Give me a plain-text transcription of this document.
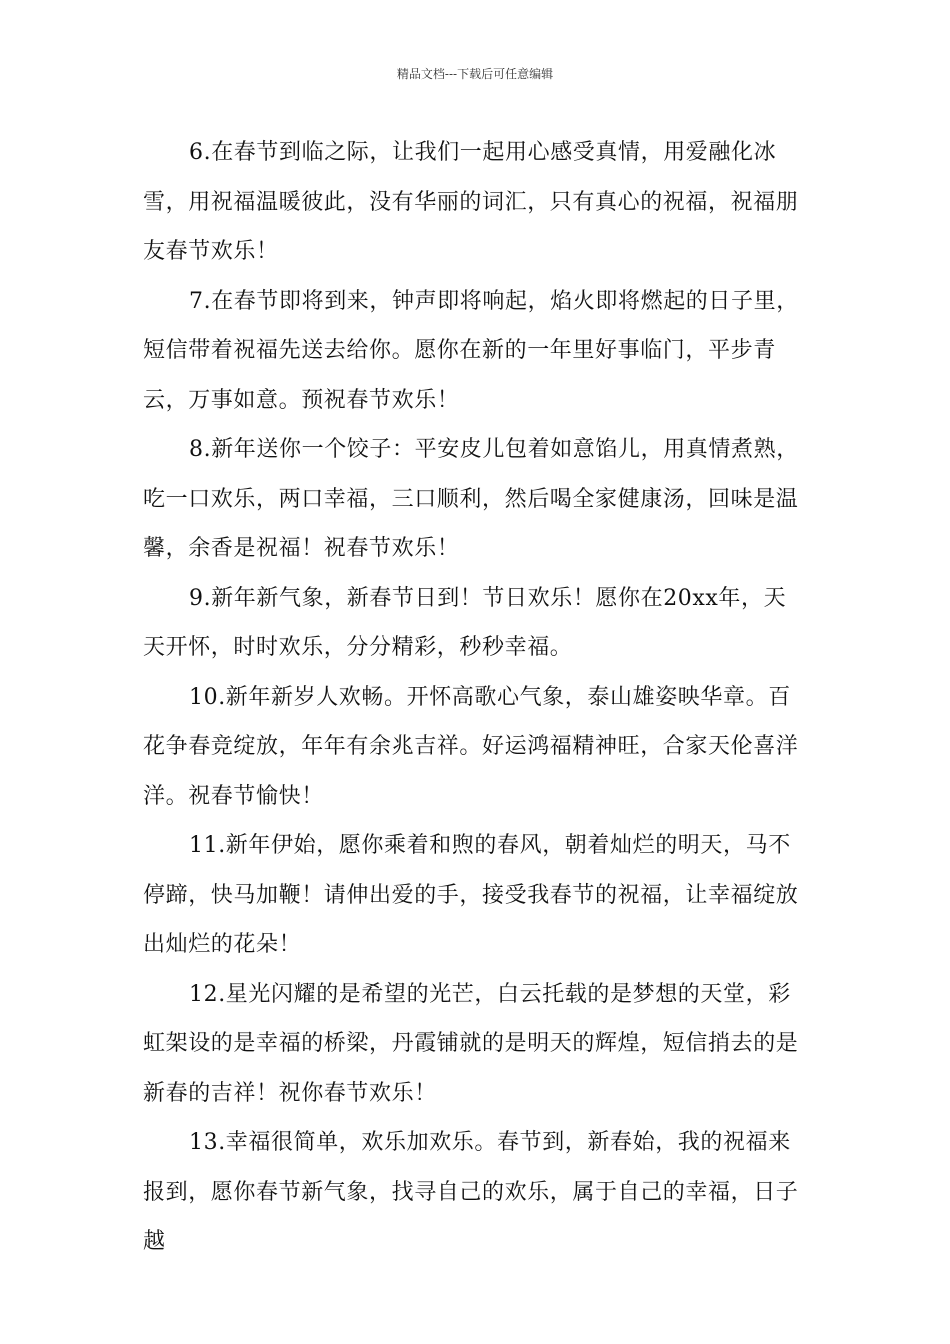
精品文档---下载后可任意编辑

6.在春节到临之际，让我们一起用心感受真情，用爱融化冰雪，用祝福温暖彼此，没有华丽的词汇，只有真心的祝福，祝福朋友春节欢乐！

7.在春节即将到来，钟声即将响起，焰火即将燃起的日子里，短信带着祝福先送去给你。愿你在新的一年里好事临门，平步青云，万事如意。预祝春节欢乐！

8.新年送你一个饺子：平安皮儿包着如意馅儿，用真情煮熟，吃一口欢乐，两口幸福，三口顺利，然后喝全家健康汤，回味是温馨，余香是祝福！祝春节欢乐！

9.新年新气象，新春节日到！节日欢乐！愿你在20xx年，天天开怀，时时欢乐，分分精彩，秒秒幸福。

10.新年新岁人欢畅。开怀高歌心气象，泰山雄姿映华章。百花争春竞绽放，年年有余兆吉祥。好运鸿福精神旺，合家天伦喜洋洋。祝春节愉快！

11.新年伊始，愿你乘着和煦的春风，朝着灿烂的明天，马不停蹄，快马加鞭！请伸出爱的手，接受我春节的祝福，让幸福绽放出灿烂的花朵！

12.星光闪耀的是希望的光芒，白云托载的是梦想的天堂，彩虹架设的是幸福的桥梁，丹霞铺就的是明天的辉煌，短信捎去的是新春的吉祥！祝你春节欢乐！

13.幸福很简单，欢乐加欢乐。春节到，新春始，我的祝福来报到，愿你春节新气象，找寻自己的欢乐，属于自己的幸福，日子越
